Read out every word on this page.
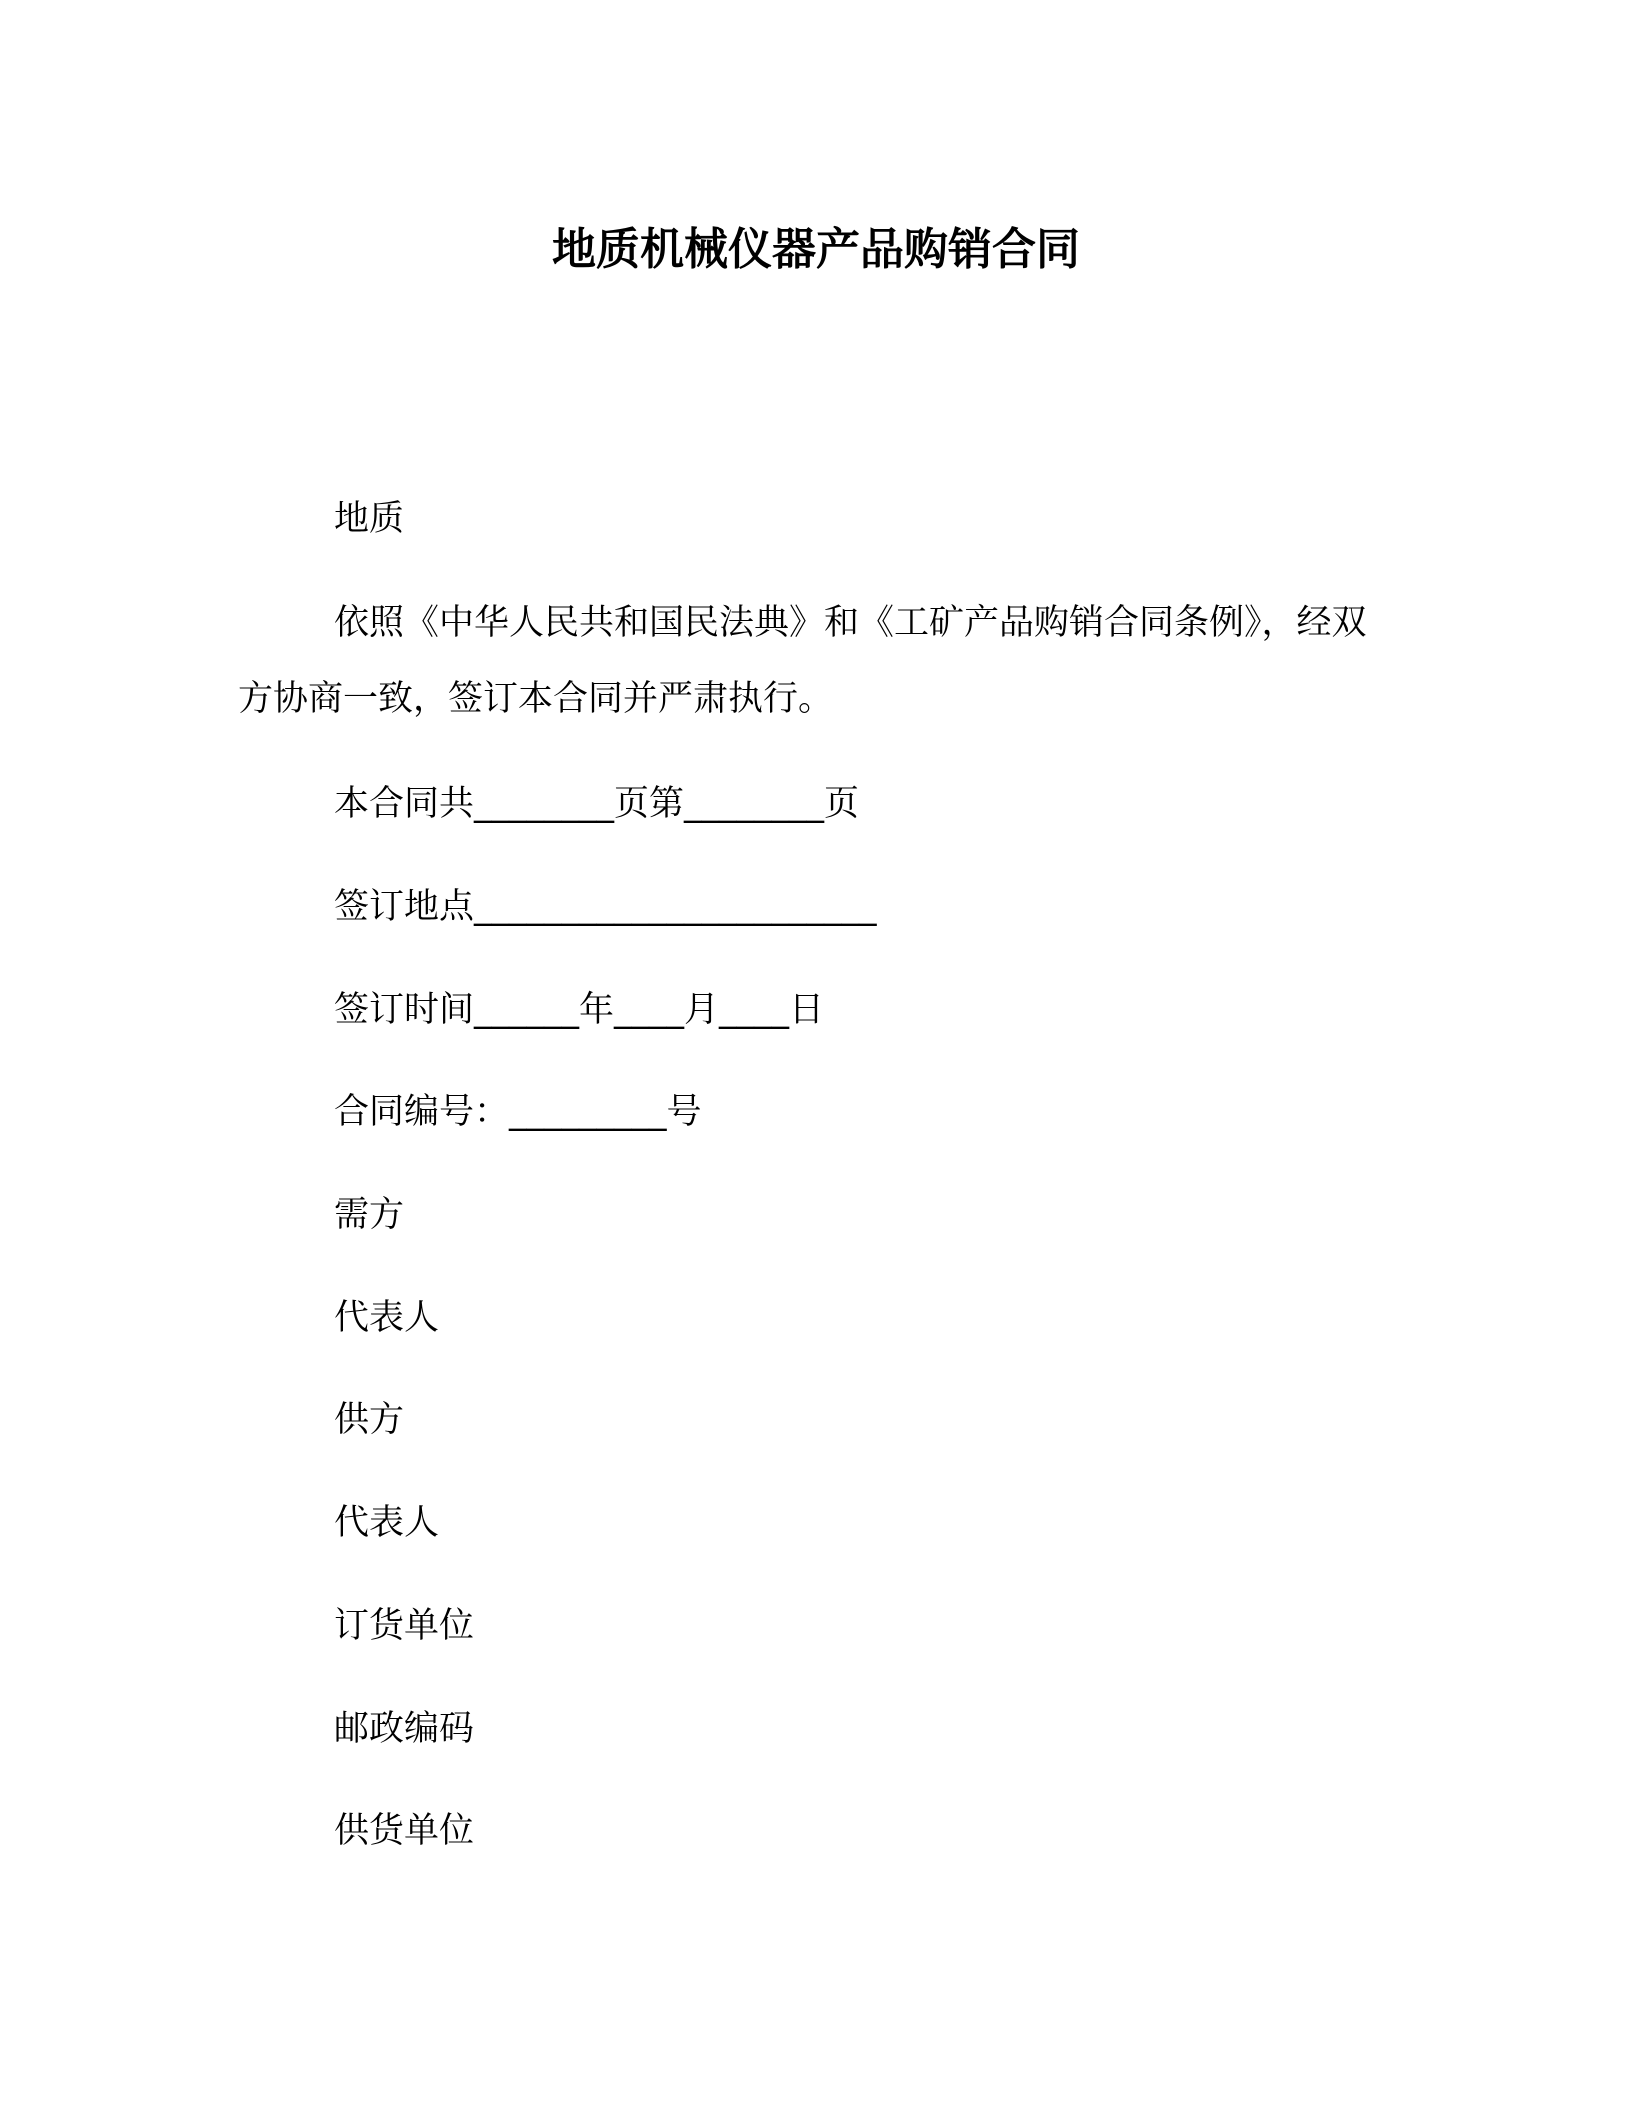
地质机械仪器产品购销合同
地质
依照《中华人民共和国民法典》和《工矿产品购销合同条例》，经双方协商一致，签订本合同并严肃执行。
本合同共________页第________页
签订地点_______________________
签订时间______年____月____日
合同编号：_________号
需方
代表人
供方
代表人
订货单位
邮政编码
供货单位
